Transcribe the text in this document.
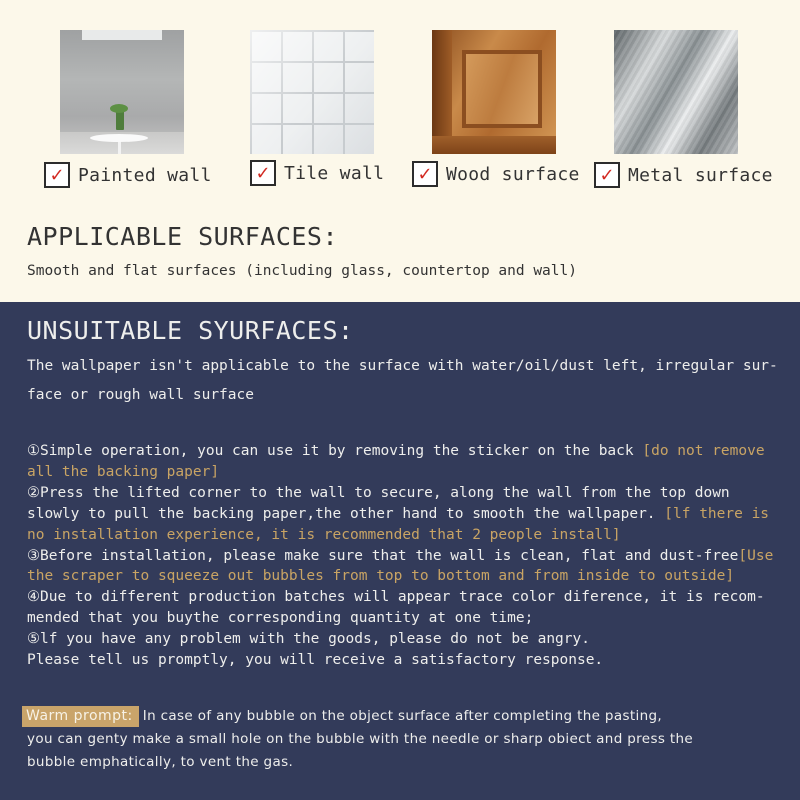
✓ Painted wall	✓ Tile wall	✓ Wood surface	✓ Metal surface
APPLICABLE SURFACES:
Smooth and flat surfaces (including glass, countertop and wall)
UNSUITABLE SYURFACES:
The wallpaper isn't applicable to the surface with water/oil/dust left, irregular sur-
face or rough wall surface
①Simple operation, you can use it by removing the sticker on the back [do not remove
all the backing paper]
②Press the lifted corner to the wall to secure, along the wall from the top down
slowly to pull the backing paper,the other hand to smooth the wallpaper. [lf there is
no installation experience, it is recommended that 2 people install]
③Before installation, please make sure that the wall is clean, flat and dust-free[Use
the scraper to squeeze out bubbles from top to bottom and from inside to outside]
④Due to different production batches will appear trace color diference, it is recom-
mended that you buythe corresponding quantity at one time;
⑤lf you have any problem with the goods, please do not be angry.
Please tell us promptly, you will receive a satisfactory response.
Warm prompt: In case of any bubble on the object surface after completing the pasting,
you can genty make a small hole on the bubble with the needle or sharp obiect and press the
bubble emphatically, to vent the gas.
